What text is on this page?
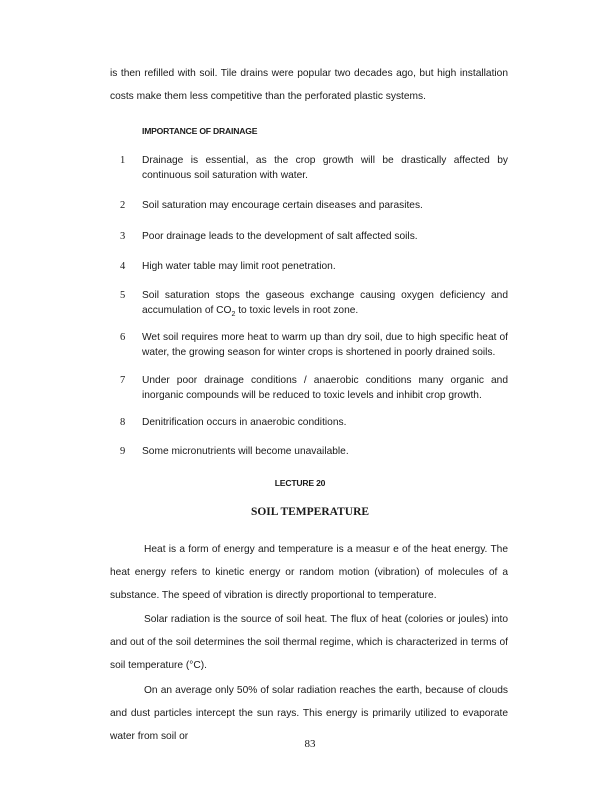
is then refilled with soil. Tile drains were popular two decades ago, but high installation costs make them less competitive than the perforated plastic systems.

IMPORTANCE OF DRAINAGE

1	Drainage is essential, as the crop growth will be drastically affected by continuous soil saturation with water.
2	Soil saturation may encourage certain diseases and parasites.
3	Poor drainage leads to the development of salt affected soils.
4	High water table may limit root penetration.
5	Soil saturation stops the gaseous exchange causing oxygen deficiency and accumulation of $CO_2$ to toxic levels in root zone.
6	Wet soil requires more heat to warm up than dry soil, due to high specific heat of water, the growing season for winter crops is shortened in poorly drained soils.
7	Under poor drainage conditions / anaerobic conditions many organic and inorganic compounds will be reduced to toxic levels and inhibit crop growth.
8	Denitrification occurs in anaerobic conditions.
9	Some micronutrients will become unavailable.

LECTURE 20

SOIL TEMPERATURE

Heat is a form of energy and temperature is a measur e of the heat energy. The heat energy refers to kinetic energy or random motion (vibration) of molecules of a substance. The speed of vibration is directly proportional to temperature.

Solar radiation is the source of soil heat. The flux of heat (colories or joules) into and out of the soil determines the soil thermal regime, which is characterized in terms of soil temperature (°C).

On an average only 50% of solar radiation reaches the earth, because of clouds and dust particles intercept the sun rays. This energy is primarily utilized to evaporate water from soil or

83
